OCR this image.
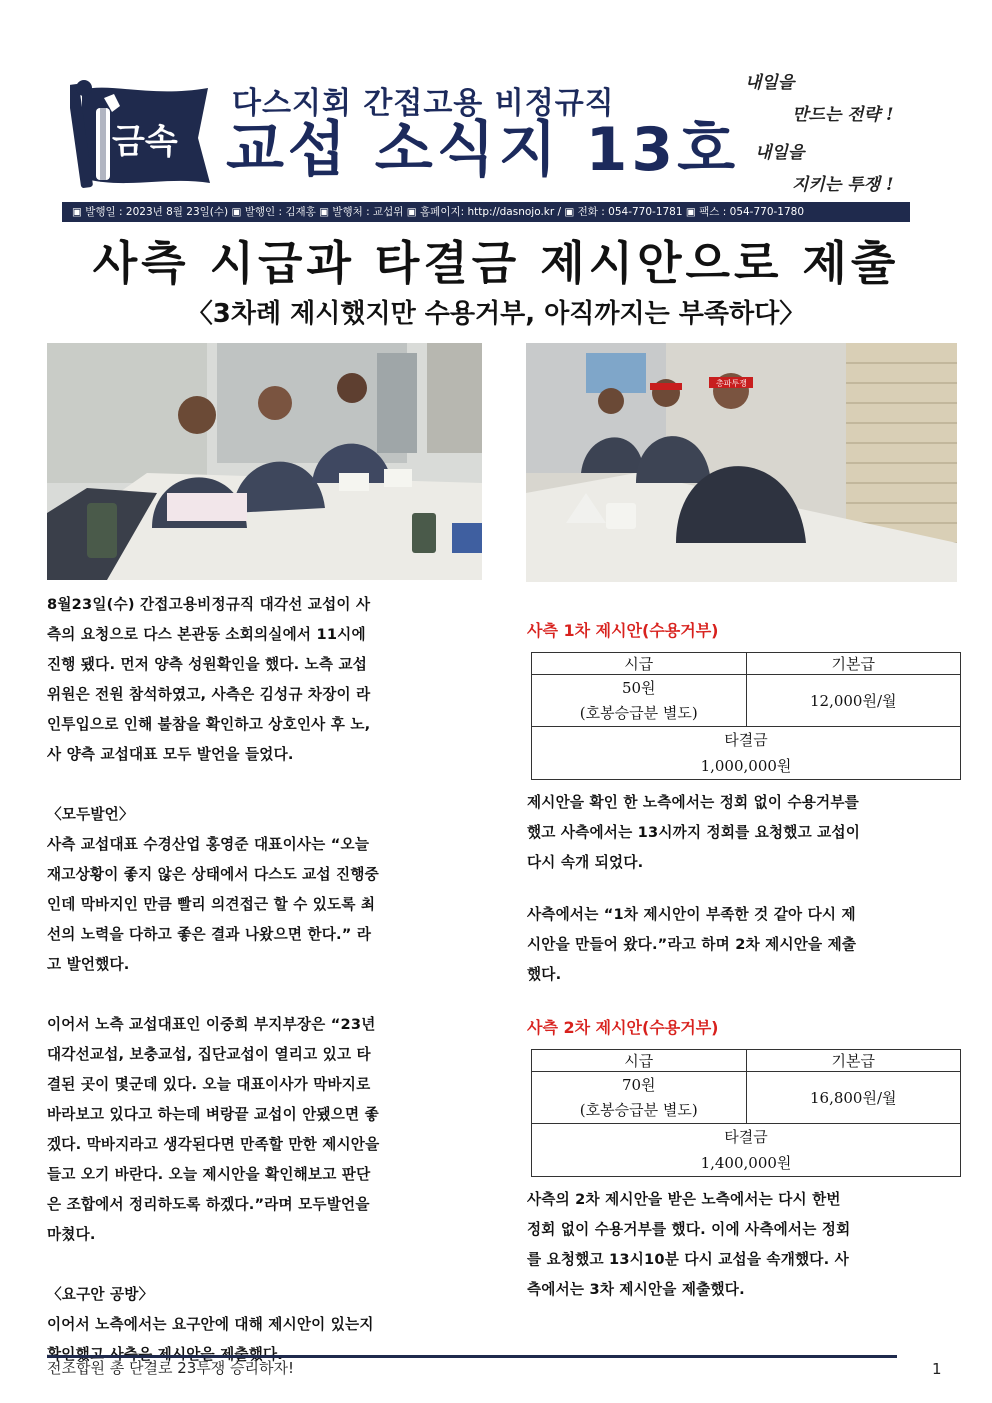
금속
다스지회 간접고용 비정규직
교섭 소식지 13호
내일을
만드는 전략 !
내일을
지키는 투쟁 !
▣ 발행일 : 2023년 8월 23일(수) ▣ 발행인 : 김재홍 ▣ 발행처 : 교섭위 ▣ 홈페이지: http://dasnojo.kr / ▣ 전화 : 054-770-1781 ▣ 팩스 : 054-770-1780
사측 시급과 타결금 제시안으로 제출
〈3차례 제시했지만 수용거부, 아직까지는 부족하다〉
총파투쟁
8월23일(수) 간접고용비정규직 대각선 교섭이 사
측의 요청으로 다스 본관동 소회의실에서 11시에
진행 됐다. 먼저 양측 성원확인을 했다. 노측 교섭
위원은 전원 참석하였고, 사측은 김성규 차장이 라
인투입으로 인해 불참을 확인하고 상호인사 후 노,
사 양측 교섭대표 모두 발언을 들었다.
〈모두발언〉
사측 교섭대표 수경산업 홍영준 대표이사는 “오늘
재고상황이 좋지 않은 상태에서 다스도 교섭 진행중
인데 막바지인 만큼 빨리 의견접근 할 수 있도록 최
선의 노력을 다하고 좋은 결과 나왔으면 한다.” 라
고 발언했다.
이어서 노측 교섭대표인 이중희 부지부장은 “23년
대각선교섭, 보충교섭, 집단교섭이 열리고 있고 타
결된 곳이 몇군데 있다. 오늘 대표이사가 막바지로
바라보고 있다고 하는데 벼랑끝 교섭이 안됐으면 좋
겠다. 막바지라고 생각된다면 만족할 만한 제시안을
들고 오기 바란다. 오늘 제시안을 확인해보고 판단
은 조합에서 정리하도록 하겠다.”라며 모두발언을
마쳤다.
〈요구안 공방〉
이어서 노측에서는 요구안에 대해 제시안이 있는지
사측 1차 제시안(수용거부)
시급	기본급

50원
(호봉승급분 별도)	12,000원/월

타결금
1,000,000원	
제시안을 확인 한 노측에서는 정회 없이 수용거부를
했고 사측에서는 13시까지 정회를 요청했고 교섭이
다시 속개 되었다.
사측에서는 “1차 제시안이 부족한 것 같아 다시 제
시안을 만들어 왔다.”라고 하며 2차 제시안을 제출
했다.
사측 2차 제시안(수용거부)
시급	기본급

70원
(호봉승급분 별도)	16,800원/월

타결금
1,400,000원	
사측의 2차 제시안을 받은 노측에서는 다시 한번
정회 없이 수용거부를 했다. 이에 사측에서는 정회
를 요청했고 13시10분 다시 교섭을 속개했다. 사
측에서는 3차 제시안을 제출했다.
전조합원 총 단결로 23투쟁 승리하자!	1
